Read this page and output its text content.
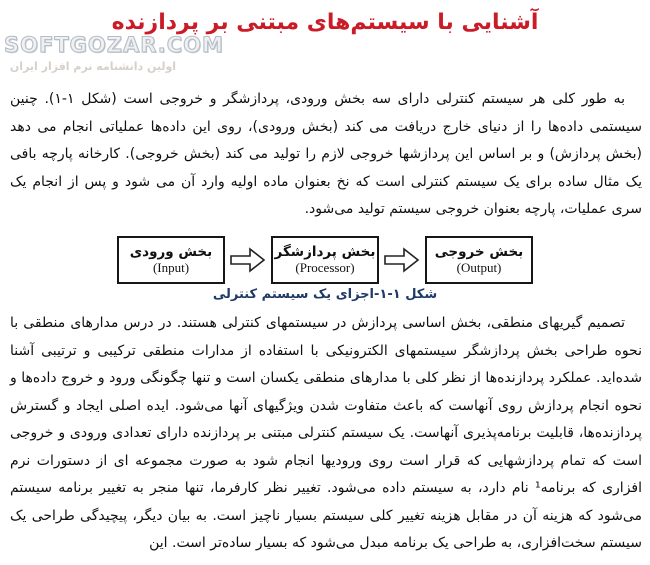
SOFTGOZAR.COM
اولین دانشنامه نرم افزار ایران
آشنایی با سیستم‌های مبتنی بر پردازنده

به طور کلی هر سیستم کنترلی دارای سه بخش ورودی، پردازشگر و خروجی است (شکل ۱-۱). چنین سیستمی داده‌ها را از دنیای خارج دریافت می کند (بخش ورودی)، روی این داده‌ها عملیاتی انجام می دهد (بخش پردازش) و بر اساس این پردازشها خروجی لازم را تولید می کند (بخش خروجی). کارخانه پارچه بافی یک مثال ساده برای یک سیستم کنترلی است که نخ بعنوان ماده اولیه وارد آن می شود و پس از انجام یک سری عملیات، پارچه بعنوان خروجی سیستم تولید می‌شود.

بخش ورودی
(Input)
بخش پردازشگر
(Processor)
بخش خروجی
(Output)
شکل ۱-۱-اجزای یک سیستم کنترلی

تصمیم گیریهای منطقی، بخش اساسی پردازش در سیستمهای کنترلی هستند. در درس مدارهای منطقی با نحوه طراحی بخش پردازشگر سیستمهای الکترونیکی با استفاده از مدارات منطقی ترکیبی و ترتیبی آشنا شده‌اید. عملکرد پردازنده‌ها از نظر کلی با مدارهای منطقی یکسان است و تنها چگونگی ورود و خروج داده‌ها و نحوه انجام پردازش روی آنهاست که باعث متفاوت شدن ویژگیهای آنها می‌شود. ایده اصلی ایجاد و گسترش پردازنده‌ها، قابلیت برنامه‌پذیری آنهاست. یک سیستم کنترلی مبتنی بر پردازنده دارای تعدادی ورودی و خروجی است که تمام پردازشهایی که قرار است روی ورودیها انجام شود به صورت مجموعه ای از دستورات نرم افزاری که برنامه¹ نام دارد، به سیستم داده می‌شود. تغییر نظر کارفرما، تنها منجر به تغییر برنامه سیستم می‌شود که هزینه آن در مقابل هزینه تغییر کلی سیستم بسیار ناچیز است. به بیان دیگر، پیچیدگی طراحی یک سیستم سخت‌افزاری، به طراحی یک برنامه مبدل می‌شود که بسیار ساده‌تر است. این
